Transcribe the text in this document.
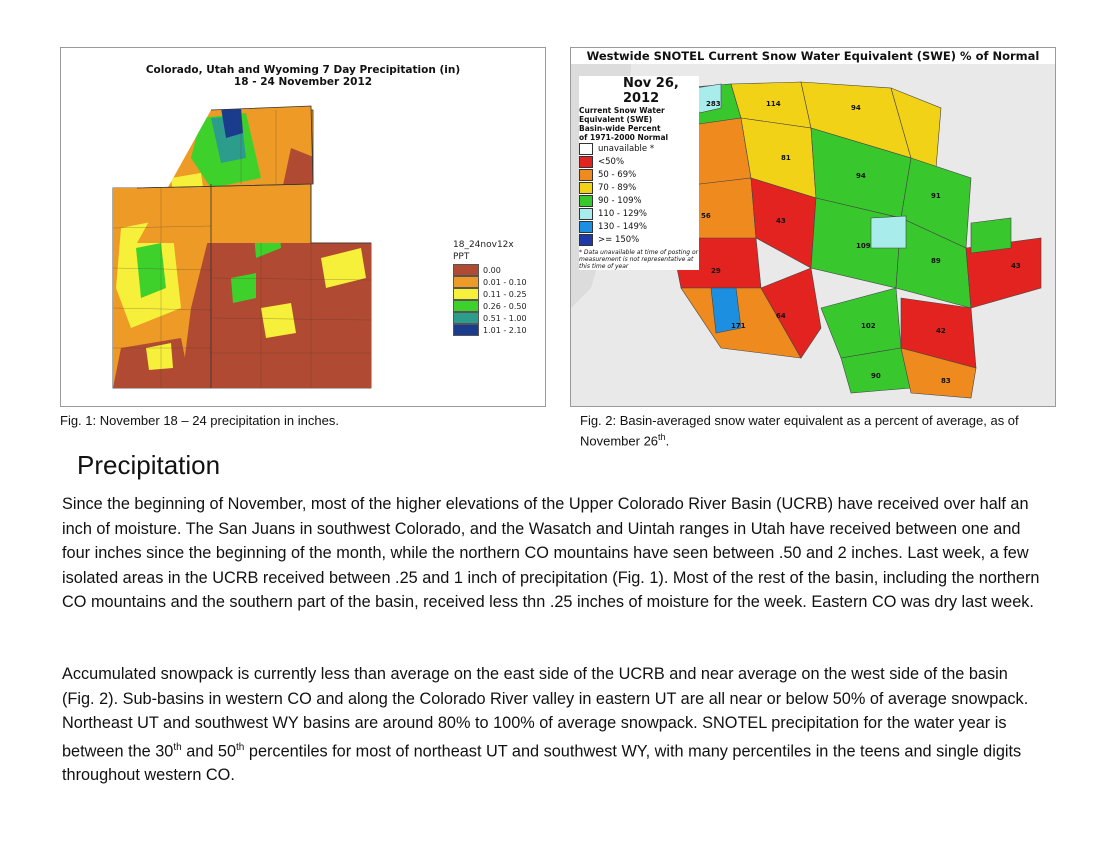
Colorado, Utah and Wyoming 7 Day Precipitation (in)
18 - 24 November 2012
18_24nov12x
PPT
0.00
0.01 - 0.10
0.11 - 0.25
0.26 - 0.50
0.51 - 1.00
1.01 - 2.10
Westwide SNOTEL Current Snow Water Equivalent (SWE) % of Normal
283	114	94
81
94
91
56
43
109
89
43
29
171
64
102
42
90
83
Nov 26, 2012
Current Snow Water
Equivalent (SWE)
Basin-wide Percent
of 1971-2000 Normal
unavailable *
<50%
50 - 69%
70 - 89%
90 - 109%
110 - 129%
130 - 149%
>= 150%
* Data unavailable at time of posting or measurement is not representative at this time of year
Fig. 1: November 18 – 24 precipitation in inches.	Fig. 2: Basin-averaged snow water equivalent as a percent of average, as of November 26th.
Precipitation

Since the beginning of November, most of the higher elevations of the Upper Colorado River Basin (UCRB) have received over half an inch of moisture. The San Juans in southwest Colorado, and the Wasatch and Uintah ranges in Utah have received between one and four inches since the beginning of the month, while the northern CO mountains have seen between .50 and 2 inches. Last week, a few isolated areas in the UCRB received between .25 and 1 inch of precipitation (Fig. 1). Most of the rest of the basin, including the northern CO mountains and the southern part of the basin, received less thn .25 inches of moisture for the week. Eastern CO was dry last week.

Accumulated snowpack is currently less than average on the east side of the UCRB and near average on the west side of the basin (Fig. 2). Sub-basins in western CO and along the Colorado River valley in eastern UT are all near or below 50% of average snowpack. Northeast UT and southwest WY basins are around 80% to 100% of average snowpack. SNOTEL precipitation for the water year is between the 30th and 50th percentiles for most of northeast UT and southwest WY, with many percentiles in the teens and single digits throughout western CO.
